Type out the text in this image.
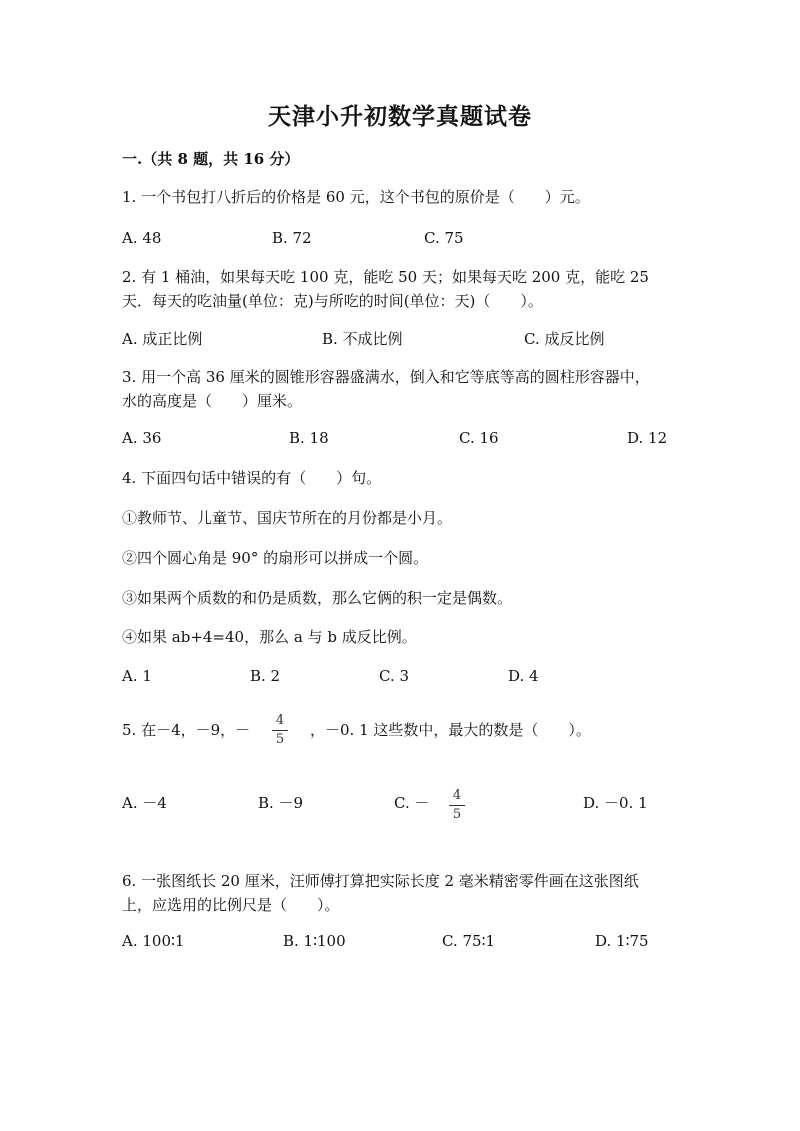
天津小升初数学真题试卷
一.（共 8 题，共 16 分）
1. 一个书包打八折后的价格是 60 元，这个书包的原价是（　　）元。
A. 48	B. 72	C. 75
2. 有 1 桶油，如果每天吃 100 克，能吃 50 天；如果每天吃 200 克，能吃 25
天．每天的吃油量(单位：克)与所吃的时间(单位：天)（　　）。
A. 成正比例	B. 不成比例	C. 成反比例
3. 用一个高 36 厘米的圆锥形容器盛满水，倒入和它等底等高的圆柱形容器中，
水的高度是（　　）厘米。
A. 36	B. 18	C. 16	D. 12
4. 下面四句话中错误的有（　　）句。
①教师节、儿童节、国庆节所在的月份都是小月。
②四个圆心角是 90° 的扇形可以拼成一个圆。
③如果两个质数的和仍是质数，那么它俩的积一定是偶数。
④如果 ab+4=40，那么 a 与 b 成反比例。
A. 1	B. 2	C. 3	D. 4
5. 在－4，－9，－
4
5
，－0. 1 这些数中，最大的数是（　　）。
A. －4	B. －9	C. － 4
5
D. －0. 1
6. 一张图纸长 20 厘米，汪师傅打算把实际长度 2 毫米精密零件画在这张图纸
上，应选用的比例尺是（　　）。
A. 100∶1	B. 1∶100	C. 75∶1	D. 1∶75
